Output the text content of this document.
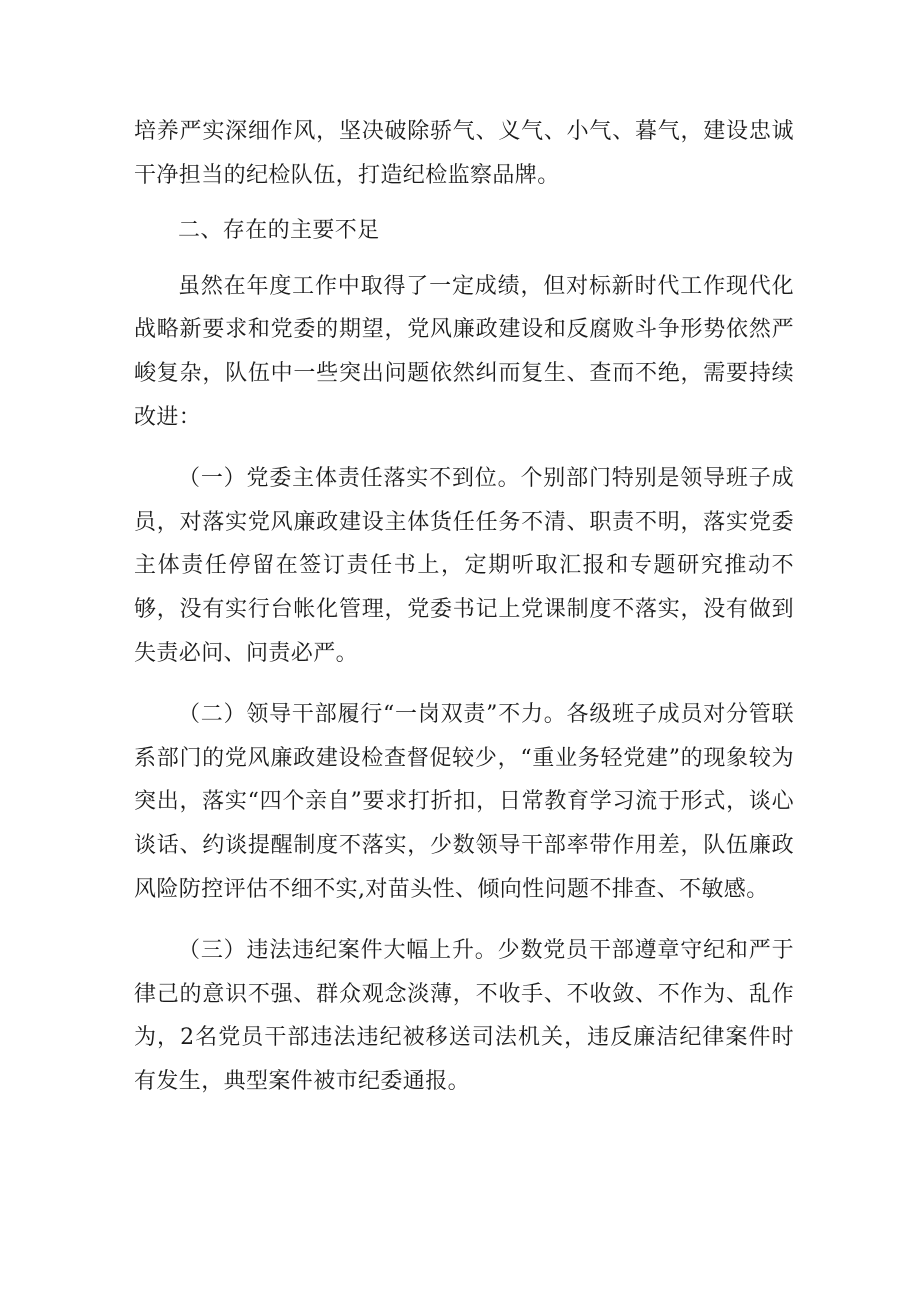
培养严实深细作风，坚决破除骄气、义气、小气、暮气，建设忠诚干净担当的纪检队伍，打造纪检监察品牌。

二、存在的主要不足

虽然在年度工作中取得了一定成绩，但对标新时代工作现代化战略新要求和党委的期望，党风廉政建设和反腐败斗争形势依然严峻复杂，队伍中一些突出问题依然纠而复生、查而不绝，需要持续改进：

（一）党委主体责任落实不到位。个别部门特别是领导班子成员，对落实党风廉政建设主体货任任务不清、职责不明，落实党委主体责任停留在签订责任书上，定期听取汇报和专题研究推动不够，没有实行台帐化管理，党委书记上党课制度不落实，没有做到失责必问、问责必严。

（二）领导干部履行“一岗双责”不力。各级班子成员对分管联系部门的党风廉政建设检查督促较少，“重业务轻党建”的现象较为突出，落实“四个亲自”要求打折扣，日常教育学习流于形式，谈心谈话、约谈提醒制度不落实，少数领导干部率带作用差，队伍廉政风险防控评估不细不实,对苗头性、倾向性问题不排查、不敏感。

（三）违法违纪案件大幅上升。少数党员干部遵章守纪和严于律己的意识不强、群众观念淡薄，不收手、不收敛、不作为、乱作为，2名党员干部违法违纪被移送司法机关，违反廉洁纪律案件时有发生，典型案件被市纪委通报。
